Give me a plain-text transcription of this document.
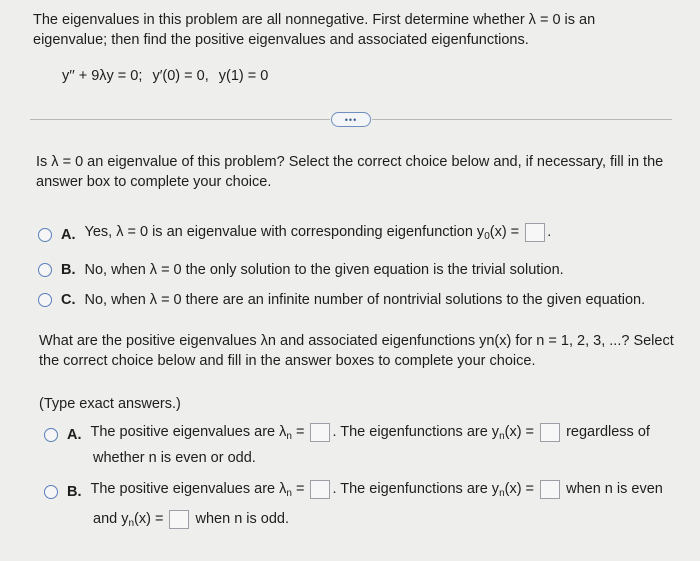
The eigenvalues in this problem are all nonnegative. First determine whether λ = 0 is an eigenvalue; then find the positive eigenvalues and associated eigenfunctions.
y′′ + 9λy = 0; y′(0) = 0, y(1) = 0
•••
Is λ = 0 an eigenvalue of this problem? Select the correct choice below and, if necessary, fill in the answer box to complete your choice.
A. Yes, λ = 0 is an eigenvalue with corresponding eigenfunction $y_0(x)$ = .
B. No, when λ = 0 the only solution to the given equation is the trivial solution.
C. No, when λ = 0 there are an infinite number of nontrivial solutions to the given equation.
What are the positive eigenvalues λn and associated eigenfunctions yn(x) for n = 1, 2, 3, ...? Select the correct choice below and fill in the answer boxes to complete your choice.
(Type exact answers.)
A. The positive eigenvalues are $\lambda_n$ = . The eigenfunctions are $y_n(x)$ = regardless of
whether n is even or odd.
B. The positive eigenvalues are $\lambda_n$ = . The eigenfunctions are $y_n(x)$ = when n is even
and $y_n(x)$ = when n is odd.
